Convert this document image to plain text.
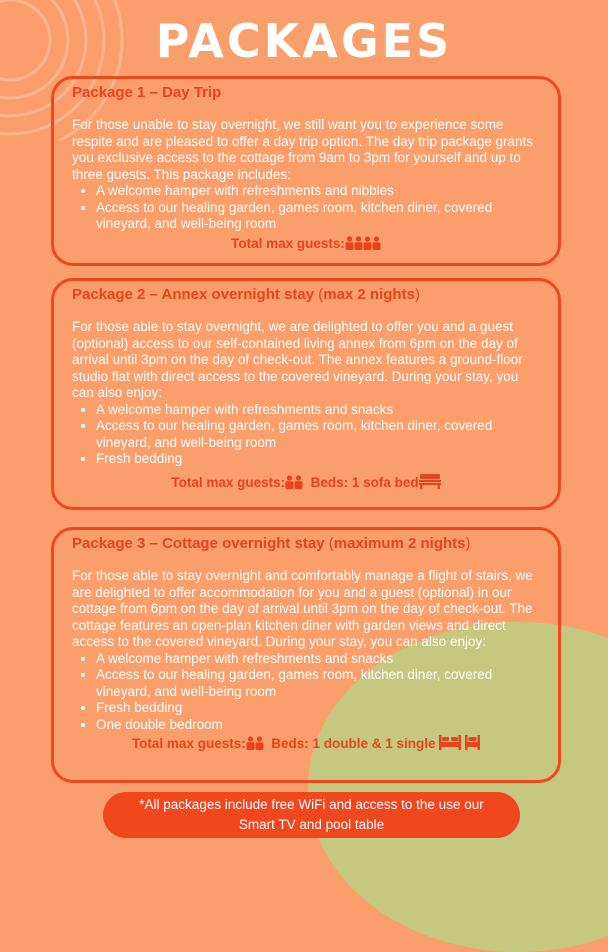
PACKAGES
Package 1 – Day Trip

For those unable to stay overnight, we still want you to experience some respite and are pleased to offer a day trip option. The day trip package grants you exclusive access to the cottage from 9am to 3pm for yourself and up to three guests. This package includes:

• A welcome hamper with refreshments and nibbles
• Access to our healing garden, games room, kitchen diner, covered vineyard, and well-being room
Total max guests:
Package 2 – Annex overnight stay (max 2 nights)

For those able to stay overnight, we are delighted to offer you and a guest (optional) access to our self-contained living annex from 6pm on the day of arrival until 3pm on the day of check-out. The annex features a ground-floor studio flat with direct access to the covered vineyard. During your stay, you can also enjoy:

• A welcome hamper with refreshments and snacks
• Access to our healing garden, games room, kitchen diner, covered vineyard, and well-being room
• Fresh bedding
Total max guests: Beds: 1 sofa bed
Package 3 – Cottage overnight stay (maximum 2 nights)

For those able to stay overnight and comfortably manage a flight of stairs, we are delighted to offer accommodation for you and a guest (optional) in our cottage from 6pm on the day of arrival until 3pm on the day of check-out. The cottage features an open-plan kitchen diner with garden views and direct access to the covered vineyard. During your stay, you can also enjoy:

• A welcome hamper with refreshments and snacks
• Access to our healing garden, games room, kitchen diner, covered vineyard, and well-being room
• Fresh bedding
• One double bedroom
Total max guests: Beds: 1 double & 1 single
*All packages include free WiFi and access to the use our
Smart TV and pool table
